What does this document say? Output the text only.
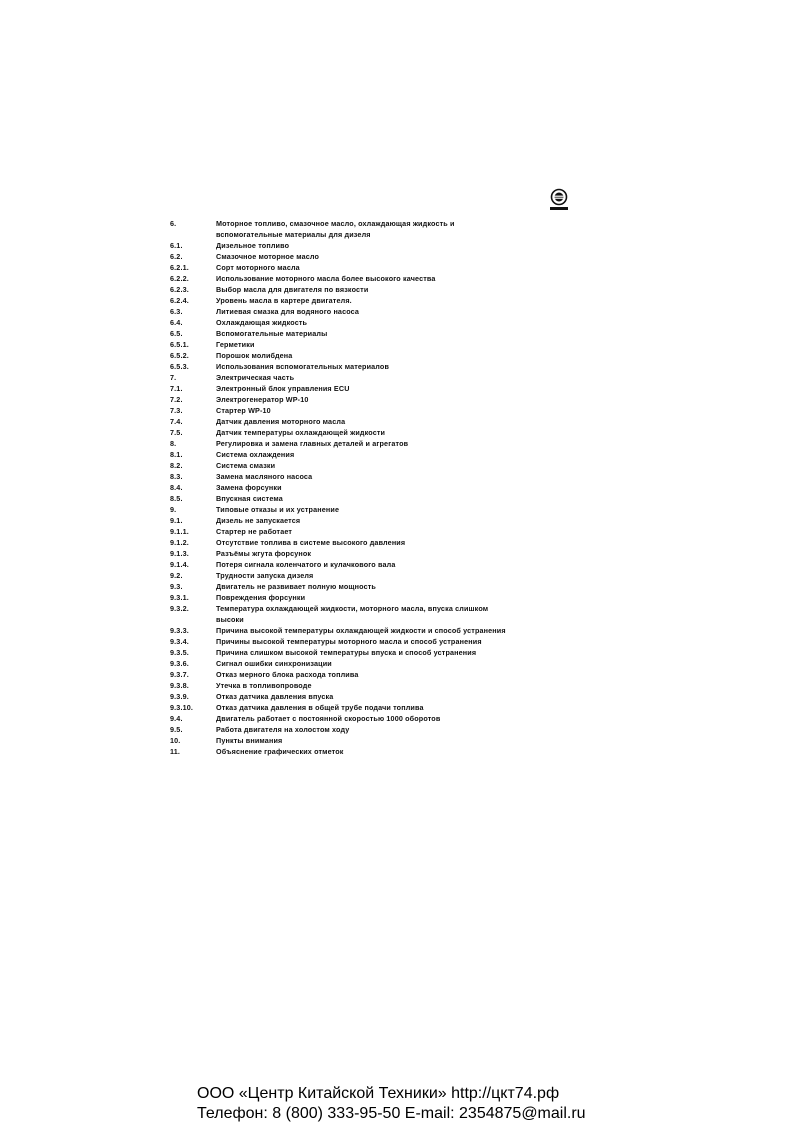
6.	Моторное топливо, смазочное масло, охлаждающая жидкость и вспомогательные материалы для дизеля
6.1.	Дизельное топливо
6.2.	Смазочное моторное масло
6.2.1.	Сорт моторного масла
6.2.2.	Использование моторного масла более высокого качества
6.2.3.	Выбор масла для двигателя по вязкости
6.2.4.	Уровень масла в картере двигателя.
6.3.	Литиевая смазка для водяного насоса
6.4.	Охлаждающая жидкость
6.5.	Вспомогательные материалы
6.5.1.	Герметики
6.5.2.	Порошок молибдена
6.5.3.	Использования вспомогательных материалов
7.	Электрическая часть
7.1.	Электронный блок управления ECU
7.2.	Электрогенератор WP-10
7.3.	Стартер WP-10
7.4.	Датчик давления моторного масла
7.5.	Датчик температуры охлаждающей жидкости
8.	Регулировка и замена главных деталей и агрегатов
8.1.	Система охлаждения
8.2.	Система смазки
8.3.	Замена масляного насоса
8.4.	Замена форсунки
8.5.	Впускная система
9.	Типовые отказы и их устранение
9.1.	Дизель не запускается
9.1.1.	Стартер не работает
9.1.2.	Отсутствие топлива в системе высокого давления
9.1.3.	Разъёмы жгута форсунок
9.1.4.	Потеря сигнала коленчатого и кулачкового вала
9.2.	Трудности запуска дизеля
9.3.	Двигатель не развивает полную мощность
9.3.1.	Повреждения форсунки
9.3.2.	Температура охлаждающей жидкости, моторного масла, впуска слишком высоки
9.3.3.	Причина высокой температуры охлаждающей жидкости и способ устранения
9.3.4.	Причины высокой температуры моторного масла и способ устранения
9.3.5.	Причина слишком высокой температуры впуска и способ устранения
9.3.6.	Сигнал ошибки синхронизации
9.3.7.	Отказ мерного блока расхода топлива
9.3.8.	Утечка в топливопроводе
9.3.9.	Отказ датчика давления впуска
9.3.10.	Отказ датчика давления в общей трубе подачи топлива
9.4.	Двигатель работает с постоянной скоростью 1000 оборотов
9.5.	Работа двигателя на холостом ходу
10.	Пункты внимания
11.	Объяснение графических отметок
ООО «Центр Китайской Техники» http://цкт74.рф
Телефон: 8 (800) 333-95-50 E-mail: 2354875@mail.ru
